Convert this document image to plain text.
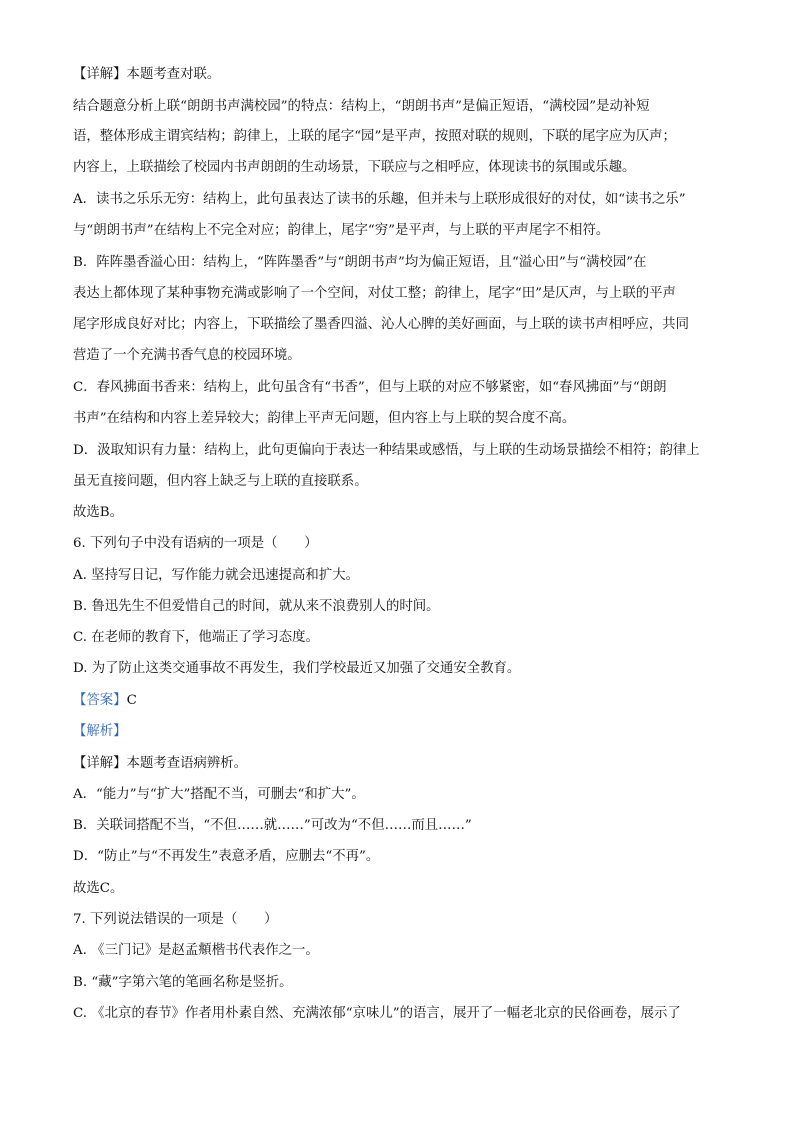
【详解】本题考查对联。
结合题意分析上联“朗朗书声满校园”的特点：结构上，“朗朗书声”是偏正短语，“满校园”是动补短
语，整体形成主谓宾结构；韵律上，上联的尾字“园”是平声，按照对联的规则，下联的尾字应为仄声；
内容上，上联描绘了校园内书声朗朗的生动场景，下联应与之相呼应，体现读书的氛围或乐趣。
A．读书之乐乐无穷：结构上，此句虽表达了读书的乐趣，但并未与上联形成很好的对仗，如“读书之乐”
与“朗朗书声”在结构上不完全对应；韵律上，尾字“穷”是平声，与上联的平声尾字不相符。
B．阵阵墨香溢心田：结构上，“阵阵墨香”与“朗朗书声”均为偏正短语，且“溢心田”与“满校园”在
表达上都体现了某种事物充满或影响了一个空间，对仗工整；韵律上，尾字“田”是仄声，与上联的平声
尾字形成良好对比；内容上，下联描绘了墨香四溢、沁人心脾的美好画面，与上联的读书声相呼应，共同
营造了一个充满书香气息的校园环境。
C．春风拂面书香来：结构上，此句虽含有“书香”，但与上联的对应不够紧密，如“春风拂面”与“朗朗
书声”在结构和内容上差异较大；韵律上平声无问题，但内容上与上联的契合度不高。
D．汲取知识有力量：结构上，此句更偏向于表达一种结果或感悟，与上联的生动场景描绘不相符；韵律上
虽无直接问题，但内容上缺乏与上联的直接联系。
故选B。
6. 下列句子中没有语病的一项是（　　）
A. 坚持写日记，写作能力就会迅速提高和扩大。
B. 鲁迅先生不但爱惜自己的时间，就从来不浪费别人的时间。
C. 在老师的教育下，他端正了学习态度。
D. 为了防止这类交通事故不再发生，我们学校最近又加强了交通安全教育。
【答案】C
【解析】
【详解】本题考查语病辨析。
A．“能力”与“扩大”搭配不当，可删去“和扩大”。
B．关联词搭配不当，“不但……就……”可改为“不但……而且……”
D．“防止”与“不再发生”表意矛盾，应删去“不再”。
故选C。
7. 下列说法错误的一项是（　　）
A. 《三门记》是赵孟頫楷书代表作之一。
B. “藏”字第六笔的笔画名称是竖折。
C. 《北京的春节》作者用朴素自然、充满浓郁“京味儿”的语言，展开了一幅老北京的民俗画卷，展示了
